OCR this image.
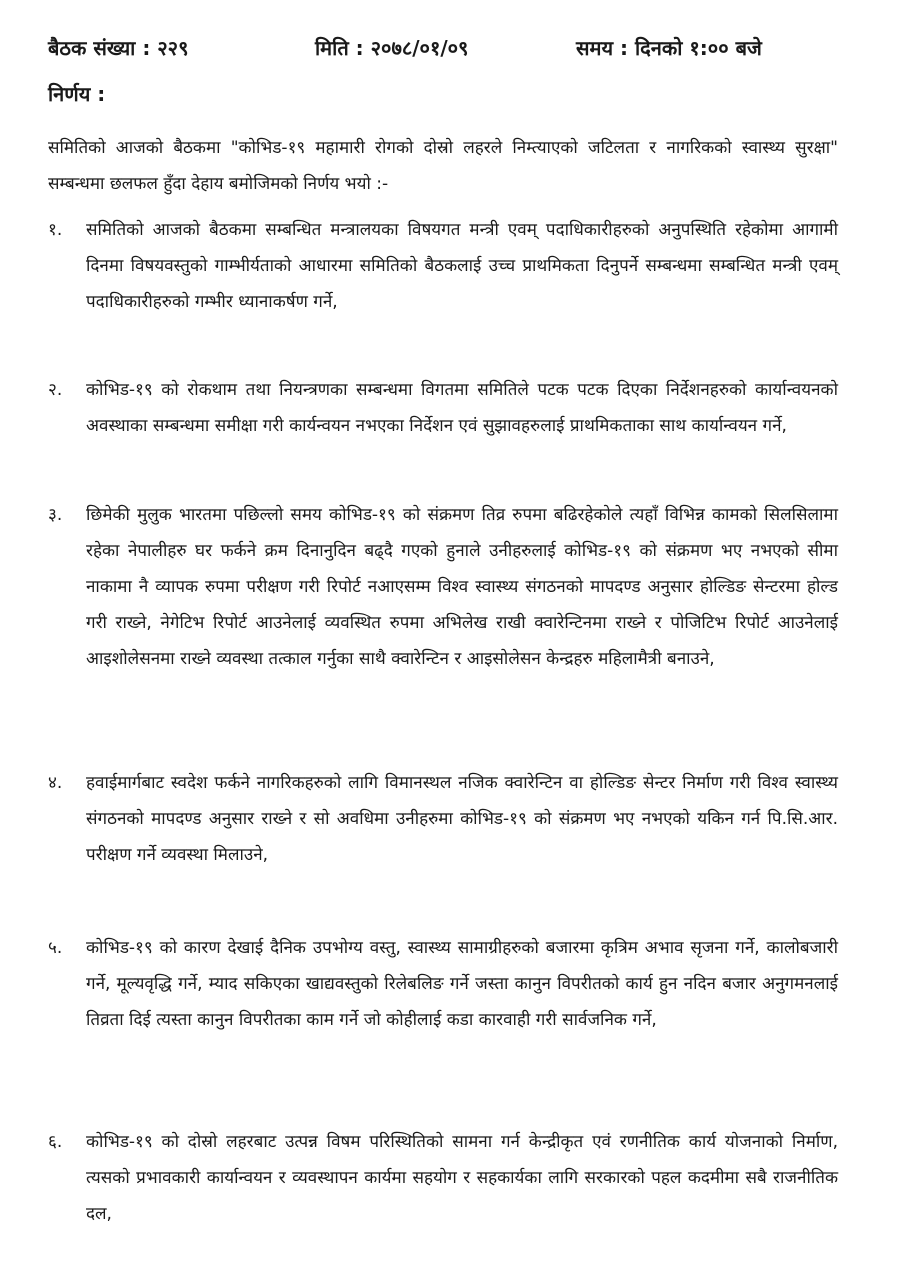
बैठक संख्या : २२९	मिति : २०७८/०१/०९	समय : दिनको १:०० बजे
निर्णय :
समितिको आजको बैठकमा "कोभिड-१९ महामारी रोगको दोस्रो लहरले निम्त्याएको जटिलता र नागरिकको स्वास्थ्य सुरक्षा" सम्बन्धमा छलफल हुँदा देहाय बमोजिमको निर्णय भयो :-
१.	समितिको आजको बैठकमा सम्बन्धित मन्त्रालयका विषयगत मन्त्री एवम् पदाधिकारीहरुको अनुपस्थिति रहेकोमा आगामी दिनमा विषयवस्तुको गाम्भीर्यताको आधारमा समितिको बैठकलाई उच्च प्राथमिकता दिनुपर्ने सम्बन्धमा सम्बन्धित मन्त्री एवम् पदाधिकारीहरुको गम्भीर ध्यानाकर्षण गर्ने,
२.	कोभिड-१९ को रोकथाम तथा नियन्त्रणका सम्बन्धमा विगतमा समितिले पटक पटक दिएका निर्देशनहरुको कार्यान्वयनको अवस्थाका सम्बन्धमा समीक्षा गरी कार्यन्वयन नभएका निर्देशन एवं सुझावहरुलाई प्राथमिकताका साथ कार्यान्वयन गर्ने,
३.	छिमेकी मुलुक भारतमा पछिल्लो समय कोभिड-१९ को संक्रमण तिव्र रुपमा बढिरहेकोले त्यहाँ विभिन्न कामको सिलसिलामा रहेका नेपालीहरु घर फर्कने क्रम दिनानुदिन बढ्दै गएको हुनाले उनीहरुलाई कोभिड-१९ को संक्रमण भए नभएको सीमा नाकामा नै व्यापक रुपमा परीक्षण गरी रिपोर्ट नआएसम्म विश्व स्वास्थ्य संगठनको मापदण्ड अनुसार होल्डिङ सेन्टरमा होल्ड गरी राख्ने, नेगेटिभ रिपोर्ट आउनेलाई व्यवस्थित रुपमा अभिलेख राखी क्वारेन्टिनमा राख्ने र पोजिटिभ रिपोर्ट आउनेलाई आइशोलेसनमा राख्ने व्यवस्था तत्काल गर्नुका साथै क्वारेन्टिन र आइसोलेसन केन्द्रहरु महिलामैत्री बनाउने,
४.	हवाईमार्गबाट स्वदेश फर्कने नागरिकहरुको लागि विमानस्थल नजिक क्वारेन्टिन वा होल्डिङ सेन्टर निर्माण गरी विश्व स्वास्थ्य संगठनको मापदण्ड अनुसार राख्ने र सो अवधिमा उनीहरुमा कोभिड-१९ को संक्रमण भए नभएको यकिन गर्न पि.सि.आर. परीक्षण गर्ने व्यवस्था मिलाउने,
५.	कोभिड-१९ को कारण देखाई दैनिक उपभोग्य वस्तु, स्वास्थ्य सामाग्रीहरुको बजारमा कृत्रिम अभाव सृजना गर्ने, कालोबजारी गर्ने, मूल्यवृद्धि गर्ने, म्याद सकिएका खाद्यवस्तुको रिलेबलिङ गर्ने जस्ता कानुन विपरीतको कार्य हुन नदिन बजार अनुगमनलाई तिव्रता दिई त्यस्ता कानुन विपरीतका काम गर्ने जो कोहीलाई कडा कारवाही गरी सार्वजनिक गर्ने,
६.	कोभिड-१९ को दोस्रो लहरबाट उत्पन्न विषम परिस्थितिको सामना गर्न केन्द्रीकृत एवं रणनीतिक कार्य योजनाको निर्माण, त्यसको प्रभावकारी कार्यान्वयन र व्यवस्थापन कार्यमा सहयोग र सहकार्यका लागि सरकारको पहल कदमीमा सबै राजनीतिक दल,
